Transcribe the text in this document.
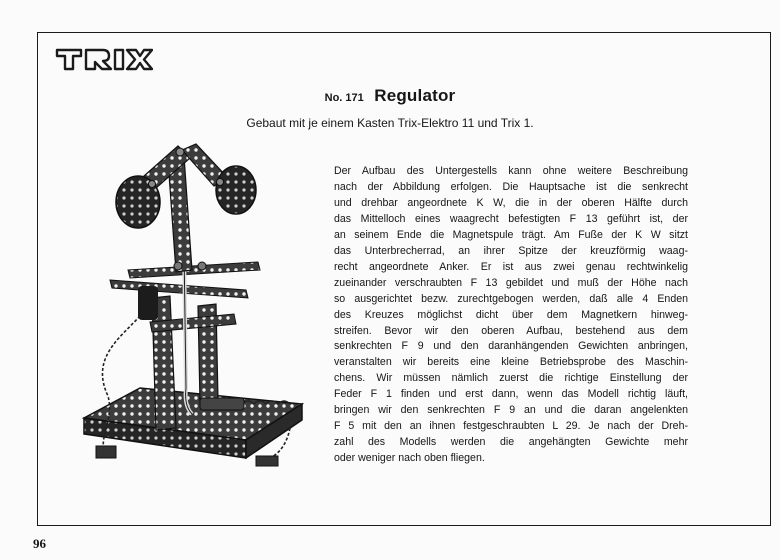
TRIX
No. 171 Regulator
Gebaut mit je einem Kasten Trix-Elektro 11 und Trix 1.
Der Aufbau des Untergestells kann ohne weitere Beschreibung
nach der Abbildung erfolgen. Die Hauptsache ist die senkrecht
und drehbar angeordnete K W, die in der oberen Hälfte durch
das Mittelloch eines waagrecht befestigten F 13 geführt ist, der
an seinem Ende die Magnetspule trägt. Am Fuße der K W sitzt
das Unterbrecherrad, an ihrer Spitze der kreuzförmig waag-
recht angeordnete Anker. Er ist aus zwei genau rechtwinkelig
zueinander verschraubten F 13 gebildet und muß der Höhe nach
so ausgerichtet bezw. zurechtgebogen werden, daß alle 4 Enden
des Kreuzes möglichst dicht über dem Magnetkern hinweg-
streifen. Bevor wir den oberen Aufbau, bestehend aus dem
senkrechten F 9 und den daranhängenden Gewichten anbringen,
veranstalten wir bereits eine kleine Betriebsprobe des Maschin-
chens. Wir müssen nämlich zuerst die richtige Einstellung der
Feder F 1 finden und erst dann, wenn das Modell richtig läuft,
bringen wir den senkrechten F 9 an und die daran angelenkten
F 5 mit den an ihnen festgeschraubten L 29. Je nach der Dreh-
zahl des Modells werden die angehängten Gewichte mehr
oder weniger nach oben fliegen.
96
